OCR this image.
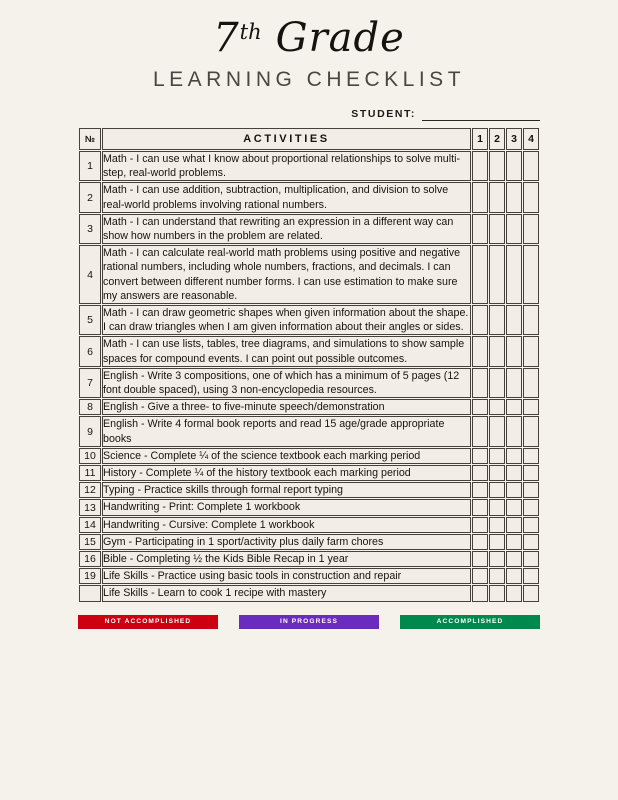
7th Grade
LEARNING CHECKLIST
STUDENT:
№	ACTIVITIES	1	2	3	4
1	Math - I can use what I know about proportional relationships to solve multi-step, real-world problems.				
2	Math - I can use addition, subtraction, multiplication, and division to solve real-world problems involving rational numbers.				
3	Math - I can understand that rewriting an expression in a different way can show how numbers in the problem are related.				
4	Math - I can calculate real-world math problems using positive and negative rational numbers, including whole numbers, fractions, and decimals. I can convert between different number forms. I can use estimation to make sure my answers are reasonable.				
5	Math - I can draw geometric shapes when given information about the shape. I can draw triangles when I am given information about their angles or sides.				
6	Math - I can use lists, tables, tree diagrams, and simulations to show sample spaces for compound events. I can point out possible outcomes.				
7	English - Write 3 compositions, one of which has a minimum of 5 pages (12 font double spaced), using 3 non-encyclopedia resources.				
8	English - Give a three- to five-minute speech/demonstration				
9	English - Write 4 formal book reports and read 15 age/grade appropriate books				
10	Science - Complete ¼ of the science textbook each marking period				
11	History - Complete ¼ of the history textbook each marking period				
12	Typing - Practice skills through formal report typing				
13	Handwriting - Print: Complete 1 workbook				
14	Handwriting - Cursive: Complete 1 workbook				
15	Gym - Participating in 1 sport/activity plus daily farm chores				
16	Bible - Completing ½ the Kids Bible Recap in 1 year				
19	Life Skills - Practice using basic tools in construction and repair				
	Life Skills - Learn to cook 1 recipe with mastery				
NOT ACCOMPLISHED	IN PROGRESS	ACCOMPLISHED
